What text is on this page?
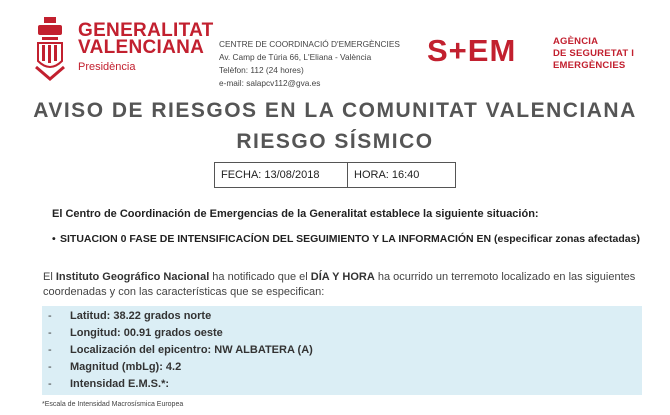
GENERALITAT
VALENCIANA
Presidència
CENTRE DE COORDINACIÓ D'EMERGÈNCIES
Av. Camp de Túria 66, L'Eliana - València
Telèfon: 112 (24 hores)
e-mail: salapcv112@gva.es
S+EM	AGÈNCIA
DE SEGURETAT I
EMERGÈNCIES
AVISO DE RIESGOS EN LA COMUNITAT VALENCIANA
RIESGO SÍSMICO
FECHA: 13/08/2018	HORA: 16:40
El Centro de Coordinación de Emergencias de la Generalitat establece la siguiente situación:
• SITUACION 0 FASE DE INTENSIFICACÍON DEL SEGUIMIENTO Y LA INFORMACIÓN EN (especificar zonas afectadas)
El Instituto Geográfico Nacional ha notificado que el DÍA Y HORA ha ocurrido un terremoto localizado en las siguientes coordenadas y con las características que se especifican:
- Latitud: 38.22 grados norte
- Longitud: 00.91 grados oeste
- Localización del epicentro: NW ALBATERA (A)
- Magnitud (mbLg): 4.2
- Intensidad E.M.S.*:
*Escala de Intensidad Macrosísmica Europea
